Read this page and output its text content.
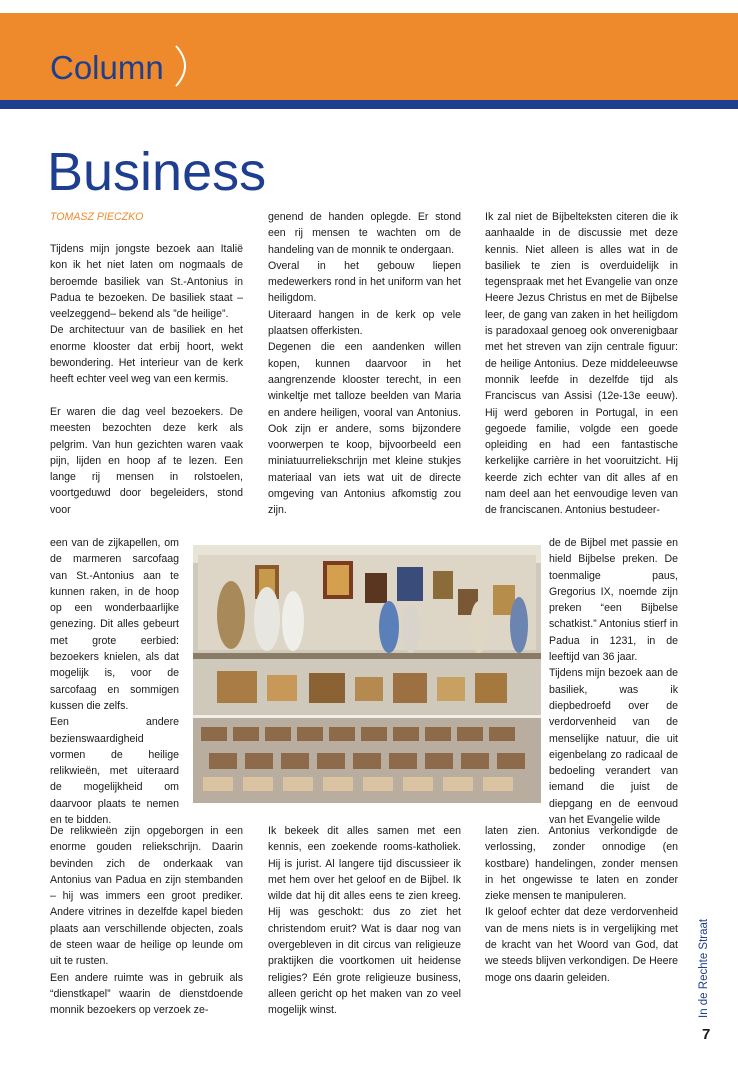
Column
Business
TOMASZ PIECZKO

Tijdens mijn jongste bezoek aan Italië kon ik het niet laten om nogmaals de beroemde basiliek van St.-Antonius in Padua te bezoeken. De basiliek staat –veelzeggend– bekend als ”de heilige”.

De architectuur van de basiliek en het enorme klooster dat erbij hoort, wekt bewondering. Het interieur van de kerk heeft echter veel weg van een kermis.

Er waren die dag veel bezoekers. De meesten bezochten deze kerk als pelgrim. Van hun gezichten waren vaak pijn, lijden en hoop af te lezen. Een lange rij mensen in rolstoelen, voortgeduwd door begeleiders, stond voor

een van de zijkapellen, om de marmeren sarcofaag van St.-Antonius aan te kunnen raken, in de hoop op een wonderbaarlijke genezing. Dit alles gebeurt met grote eerbied: bezoekers knielen, als dat mogelijk is, voor de sarcofaag en sommigen kussen die zelfs.

Een andere bezienswaardigheid vormen de heilige relikwieën, met uiteraard de mogelijkheid om daarvoor plaats te nemen en te bidden.

De relikwieën zijn opgeborgen in een enorme gouden reliekschrijn. Daarin bevinden zich de onderkaak van Antonius van Padua en zijn stembanden – hij was immers een groot prediker. Andere vitrines in dezelfde kapel bieden plaats aan verschillende objecten, zoals de steen waar de heilige op leunde om uit te rusten.

Een andere ruimte was in gebruik als “dienstkapel” waarin de dienstdoende monnik bezoekers op verzoek ze-

genend de handen oplegde. Er stond een rij mensen te wachten om de handeling van de monnik te ondergaan.

Overal in het gebouw liepen medewerkers rond in het uniform van het heiligdom.

Uiteraard hangen in de kerk op vele plaatsen offerkisten.

Degenen die een aandenken willen kopen, kunnen daarvoor in het aangrenzende klooster terecht, in een winkeltje met talloze beelden van Maria en andere heiligen, vooral van Antonius. Ook zijn er andere, soms bijzondere voorwerpen te koop, bijvoorbeeld een miniatuurreliekschrijn met kleine stukjes materiaal van iets wat uit de directe omgeving van Antonius afkomstig zou zijn.

Ik bekeek dit alles samen met een kennis, een zoekende rooms-katholiek. Hij is jurist. Al langere tijd discussieer ik met hem over het geloof en de Bijbel. Ik wilde dat hij dit alles eens te zien kreeg. Hij was geschokt: dus zo ziet het christendom eruit? Wat is daar nog van overgebleven in dit circus van religieuze praktijken die voortkomen uit heidense religies? Eén grote religieuze business, alleen gericht op het maken van zo veel mogelijk winst.

Ik zal niet de Bijbelteksten citeren die ik aanhaalde in de discussie met deze kennis. Niet alleen is alles wat in de basiliek te zien is overduidelijk in tegenspraak met het Evangelie van onze Heere Jezus Christus en met de Bijbelse leer, de gang van zaken in het heiligdom is paradoxaal genoeg ook onverenigbaar met het streven van zijn centrale figuur: de heilige Antonius. Deze middeleeuwse monnik leefde in dezelfde tijd als Franciscus van Assisi (12e-13e eeuw). Hij werd geboren in Portugal, in een gegoede familie, volgde een goede opleiding en had een fantastische kerkelijke carrière in het vooruitzicht. Hij keerde zich echter van dit alles af en nam deel aan het eenvoudige leven van de franciscanen. Antonius bestudeer-

de de Bijbel met passie en hield Bijbelse preken. De toenmalige paus, Gregorius IX, noemde zijn preken “een Bijbelse schatkist.” Antonius stierf in Padua in 1231, in de leeftijd van 36 jaar.

Tijdens mijn bezoek aan de basiliek, was ik diepbedroefd over de verdorvenheid van de menselijke natuur, die uit eigenbelang zo radicaal de bedoeling verandert van iemand die juist de diepgang en de eenvoud van het Evangelie wilde

laten zien. Antonius verkondigde de verlossing, zonder onnodige (en kostbare) handelingen, zonder mensen in het ongewisse te laten en zonder zieke mensen te manipuleren.

Ik geloof echter dat deze verdorvenheid van de mens niets is in vergelijking met de kracht van het Woord van God, dat we steeds blijven verkondigen. De Heere moge ons daarin geleiden.	In de Rechte Straat
7
